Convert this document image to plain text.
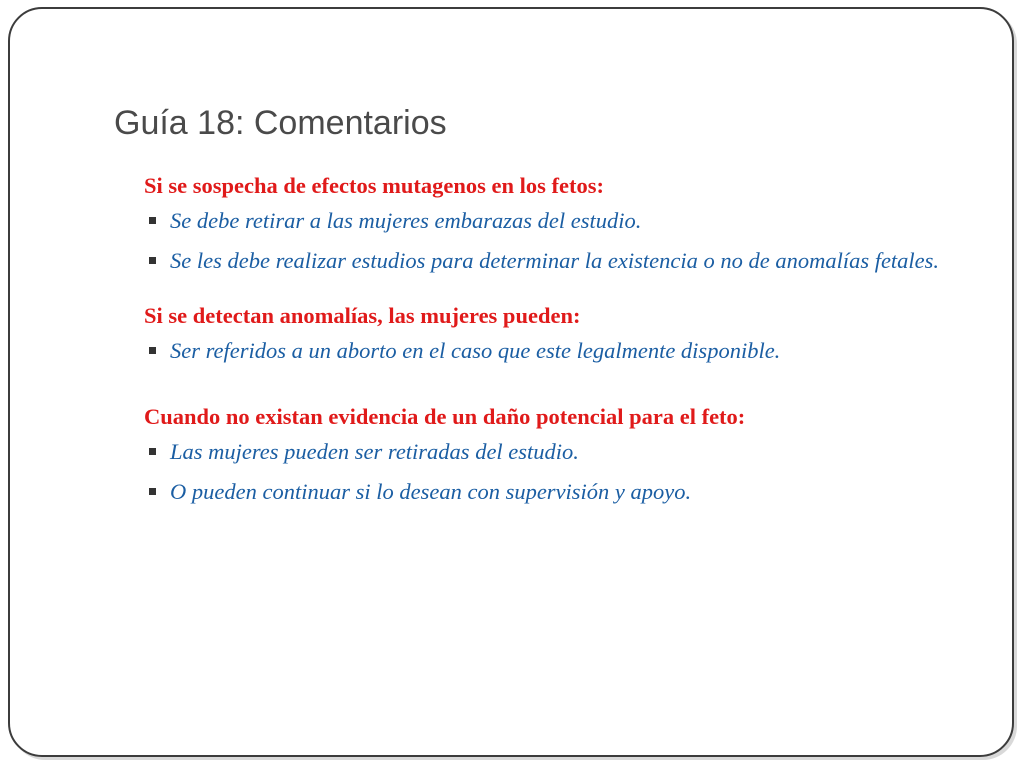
Guía 18: Comentarios

Si se sospecha de efectos mutagenos en los fetos:

Se debe retirar a las mujeres embarazas del estudio.
Se les debe realizar estudios para determinar la existencia o no de anomalías fetales.

Si se detectan anomalías, las mujeres pueden:

Ser referidos a un aborto en el caso que este legalmente disponible.

Cuando no existan evidencia de un daño potencial para el feto:

Las mujeres pueden ser retiradas del estudio.
O pueden continuar si lo desean con supervisión y apoyo.
